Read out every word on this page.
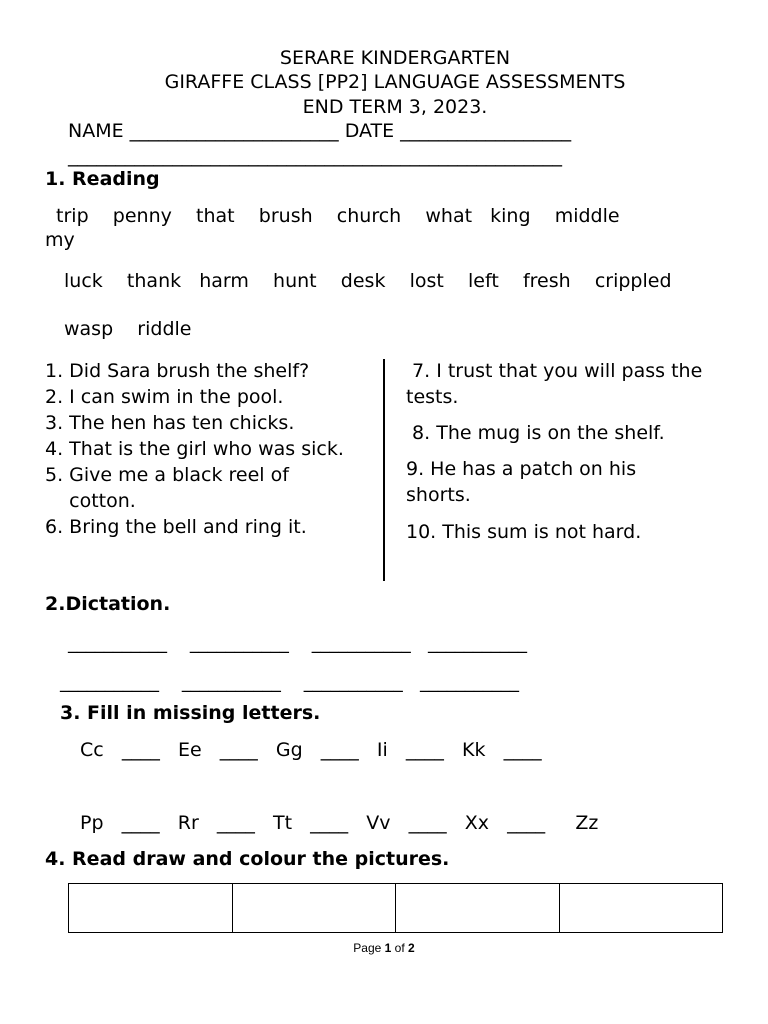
SERARE KINDERGARTEN
GIRAFFE CLASS [PP2] LANGUAGE ASSESSMENTS
END TERM 3, 2023.
NAME ______________________ DATE __________________
____________________________________________________
1. Reading
trip    penny    that    brush    church    what   king    middle
my
luck    thank   harm    hunt    desk    lost    left    fresh    crippled
wasp    riddle
1. Did Sara brush the shelf?
2. I can swim in the pool.
3. The hen has ten chicks.
4. That is the girl who was sick.
5. Give me a black reel of
cotton.
6. Bring the bell and ring it.
7. I trust that you will pass the
tests.
8. The mug is on the shelf.
9. He has a patch on his
shorts.
10. This sum is not hard.
2.Dictation.
___________    ___________    ___________   ___________
___________    ___________    ___________   ___________
3. Fill in missing letters.
Cc   ____   Ee   ____   Gg   ____   Ii   ____   Kk   ____
Pp   ____   Rr   ____   Tt   ____   Vv   ____   Xx   ____     Zz
4. Read draw and colour the pictures.

Page 1 of 2
